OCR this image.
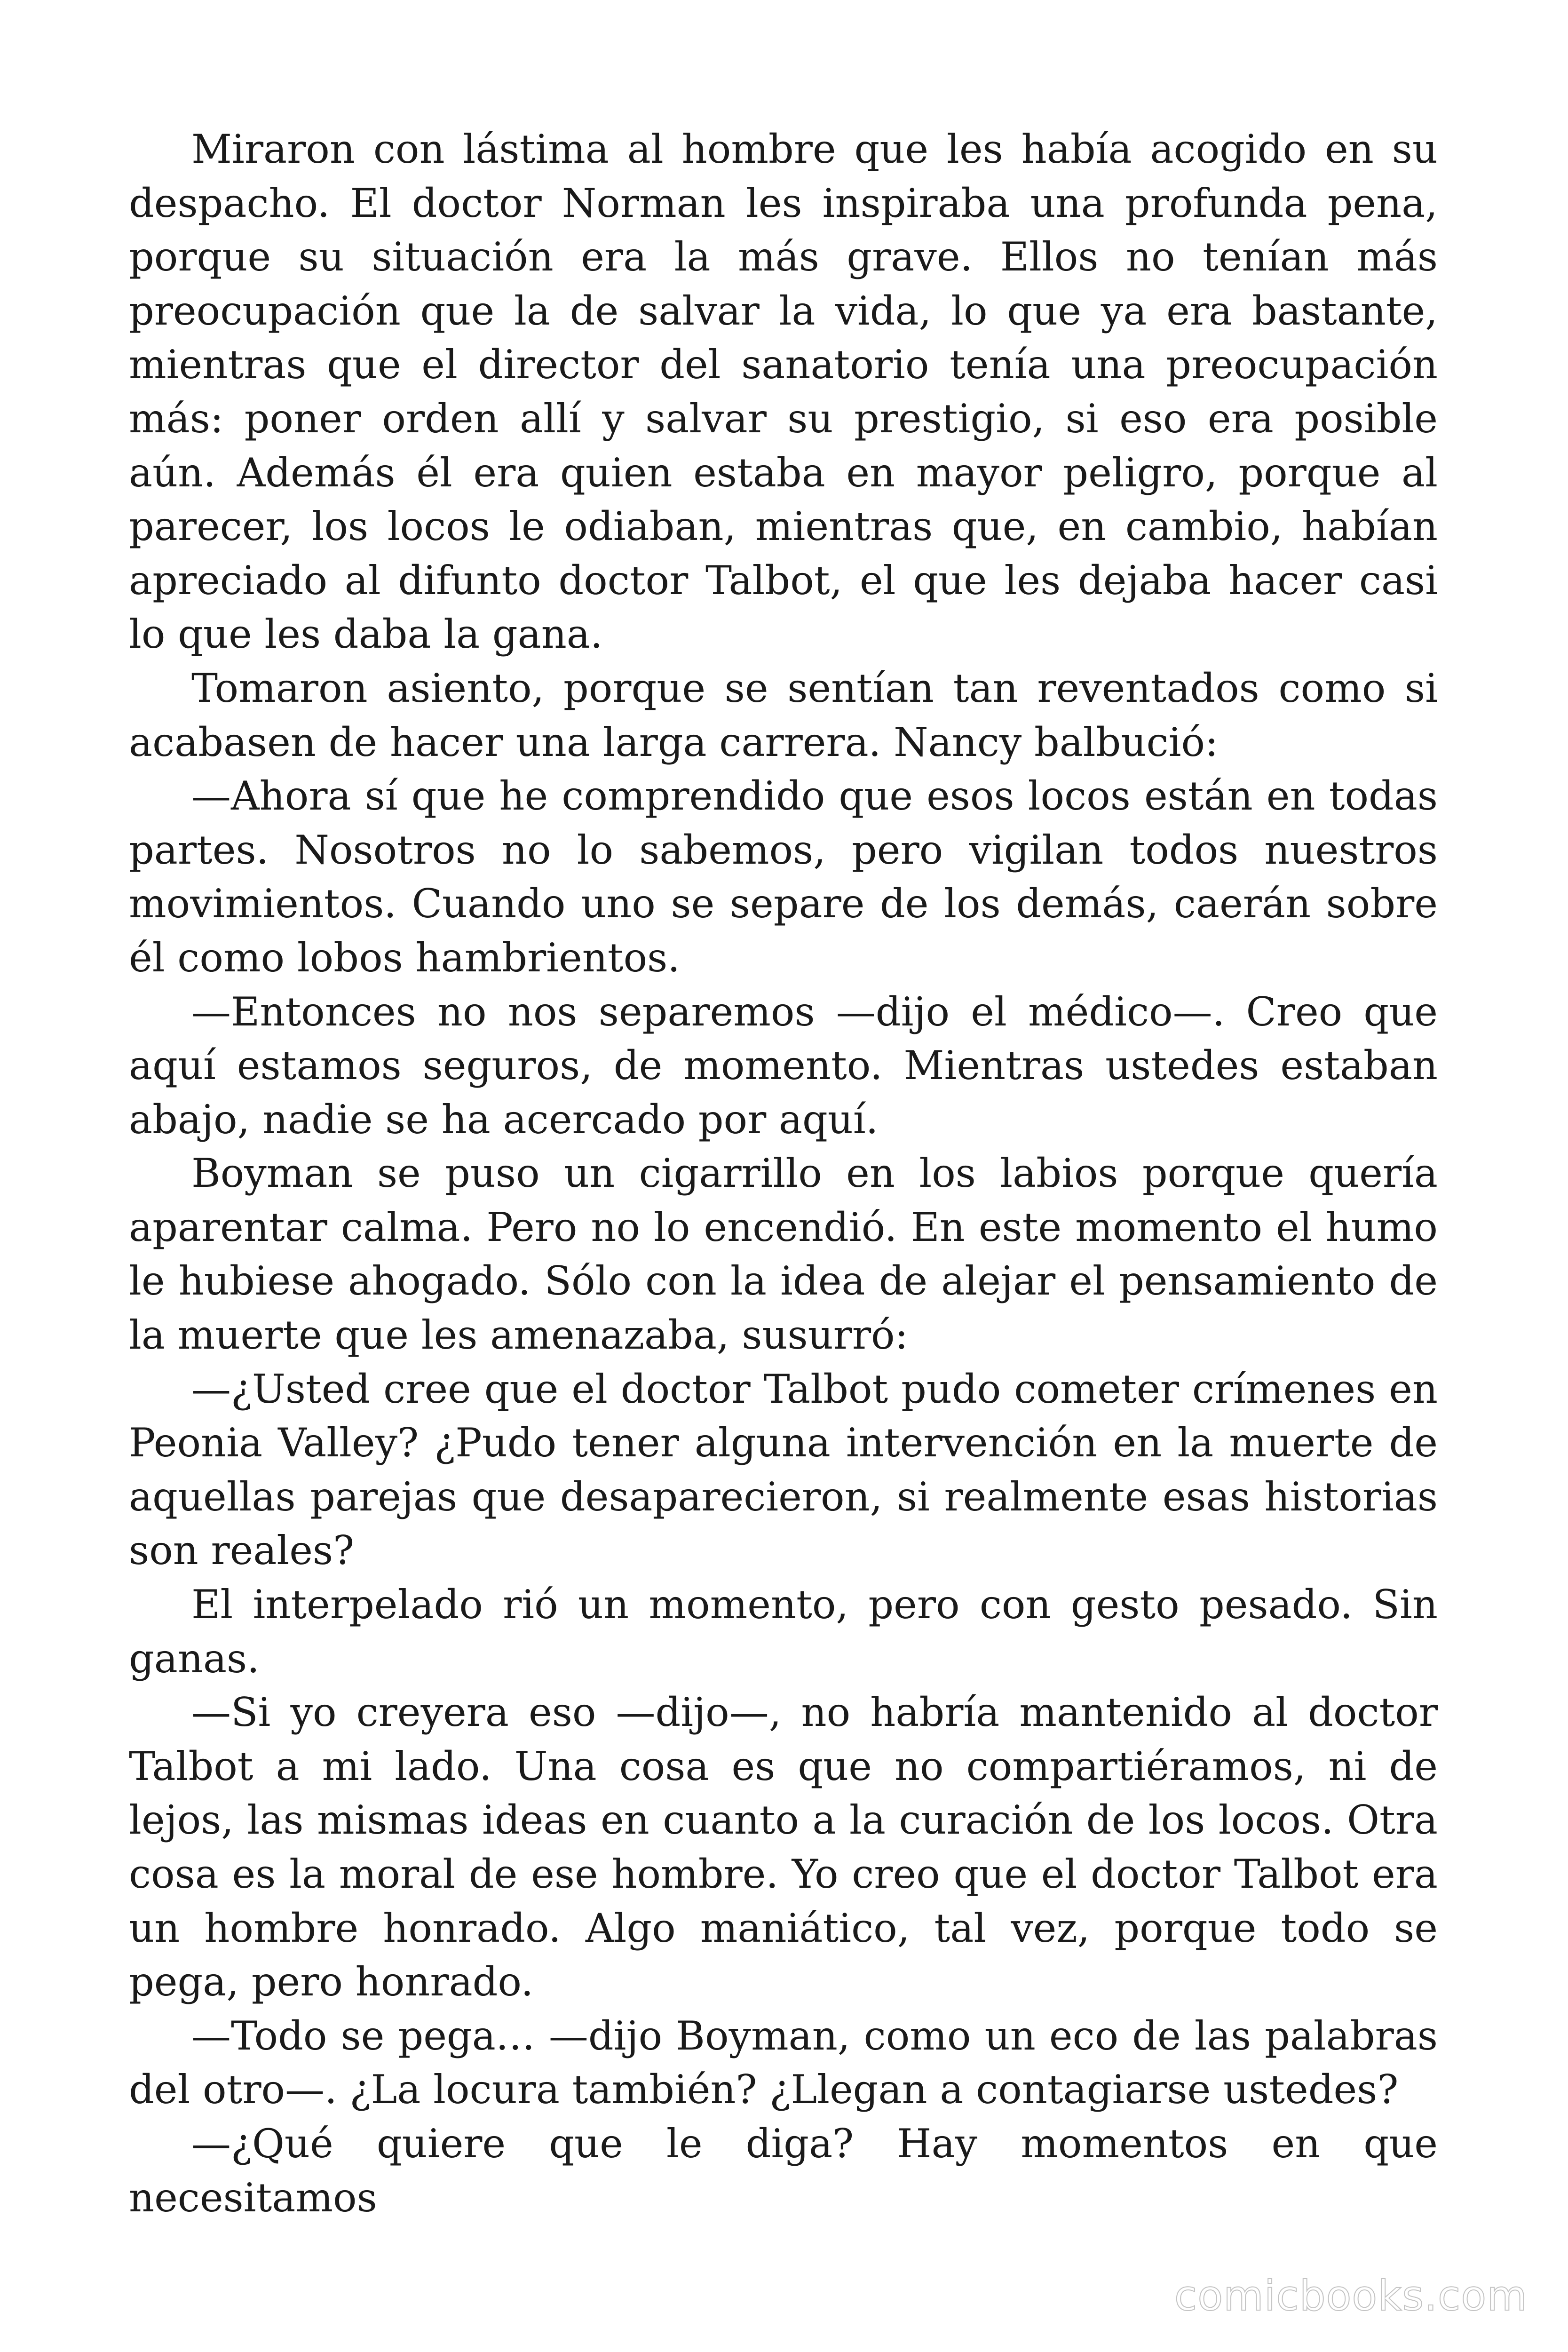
Miraron con lástima al hombre que les había acogido en su despacho. El doctor Norman les inspiraba una profunda pena, porque su situación era la más grave. Ellos no tenían más preocupación que la de salvar la vida, lo que ya era bastante, mientras que el director del sanatorio tenía una preocupación más: poner orden allí y salvar su prestigio, si eso era posible aún. Además él era quien estaba en mayor peligro, porque al parecer, los locos le odiaban, mientras que, en cambio, habían apreciado al difunto doctor Talbot, el que les dejaba hacer casi lo que les daba la gana.

Tomaron asiento, porque se sentían tan reventados como si acabasen de hacer una larga carrera. Nancy balbució:

—Ahora sí que he comprendido que esos locos están en todas partes. Nosotros no lo sabemos, pero vigilan todos nuestros movimientos. Cuando uno se separe de los demás, caerán sobre él como lobos hambrientos.

—Entonces no nos separemos —dijo el médico—. Creo que aquí estamos seguros, de momento. Mientras ustedes estaban abajo, nadie se ha acercado por aquí.

Boyman se puso un cigarrillo en los labios porque quería aparentar calma. Pero no lo encendió. En este momento el humo le hubiese ahogado. Sólo con la idea de alejar el pensamiento de la muerte que les amenazaba, susurró:

—¿Usted cree que el doctor Talbot pudo cometer crímenes en Peonia Valley? ¿Pudo tener alguna intervención en la muerte de aquellas parejas que desaparecieron, si realmente esas historias son reales?

El interpelado rió un momento, pero con gesto pesado. Sin ganas.

—Si yo creyera eso —dijo—, no habría mantenido al doctor Talbot a mi lado. Una cosa es que no compartiéramos, ni de lejos, las mismas ideas en cuanto a la curación de los locos. Otra cosa es la moral de ese hombre. Yo creo que el doctor Talbot era un hombre honrado. Algo maniático, tal vez, porque todo se pega, pero honrado.

—Todo se pega… —dijo Boyman, como un eco de las palabras del otro—. ¿La locura también? ¿Llegan a contagiarse ustedes?

—¿Qué quiere que le diga? Hay momentos en que necesitamos

comicbooks.com
